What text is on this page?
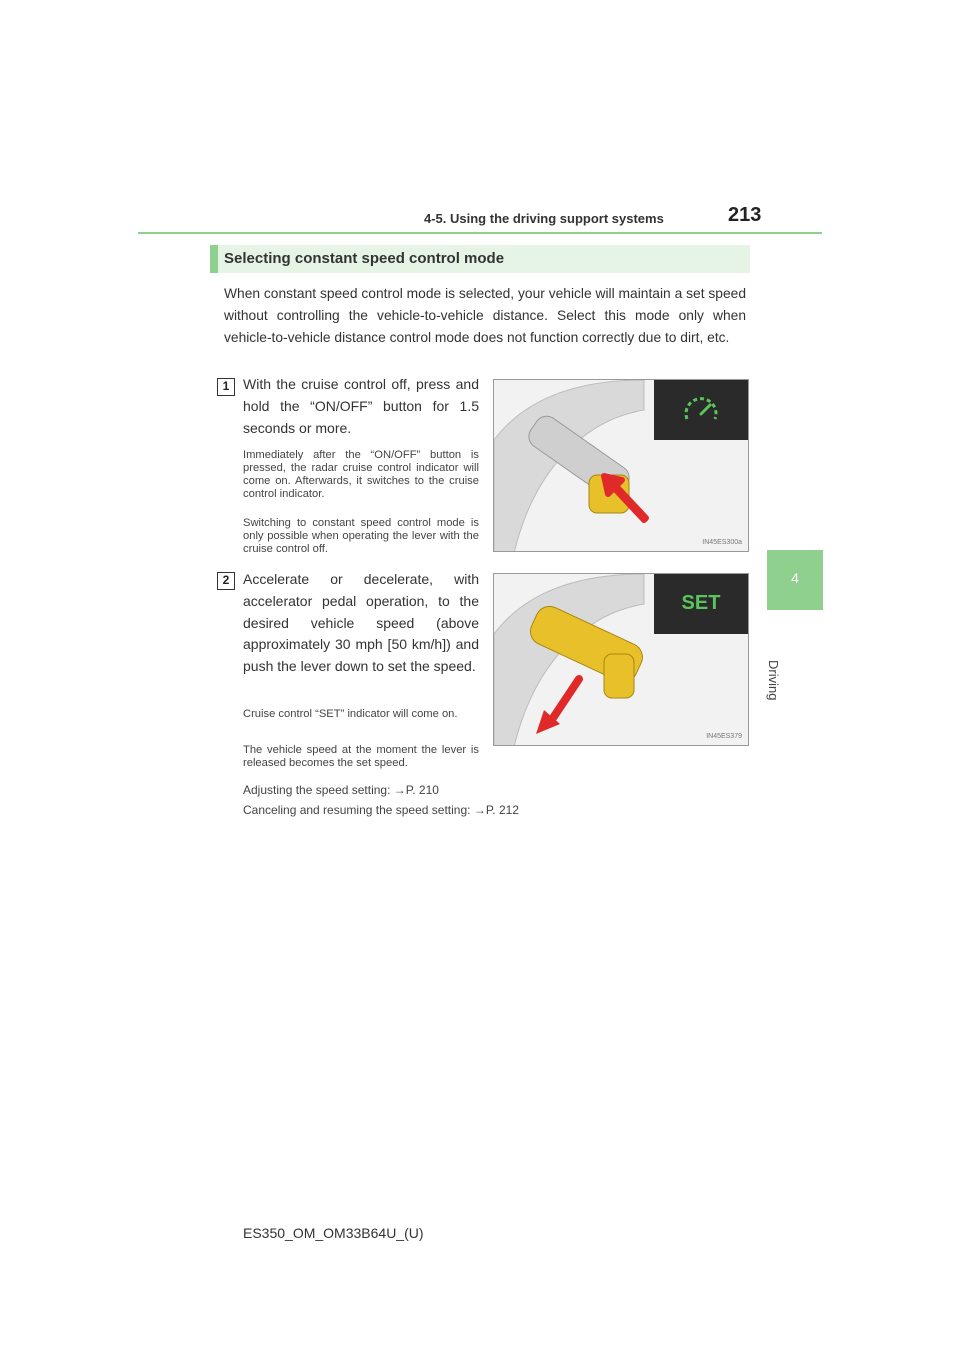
4-5. Using the driving support systems	213
4
Driving
Selecting constant speed control mode
When constant speed control mode is selected, your vehicle will maintain a set speed without controlling the vehicle-to-vehicle distance. Select this mode only when vehicle-to-vehicle distance control mode does not function correctly due to dirt, etc.
1 With the cruise control off, press and hold the “ON/OFF” button for 1.5 seconds or more.
Immediately after the “ON/OFF” button is pressed, the radar cruise control indicator will come on. Afterwards, it switches to the cruise control indicator.
Switching to constant speed control mode is only possible when operating the lever with the cruise control off.
IN45ES300a
2 Accelerate or decelerate, with accelerator pedal operation, to the desired vehicle speed (above approximately 30 mph [50 km/h]) and push the lever down to set the speed.
Cruise control “SET” indicator will come on.
The vehicle speed at the moment the lever is released becomes the set speed.
SET
IN45ES379
Adjusting the speed setting: →P. 210
Canceling and resuming the speed setting: →P. 212
ES350_OM_OM33B64U_(U)
